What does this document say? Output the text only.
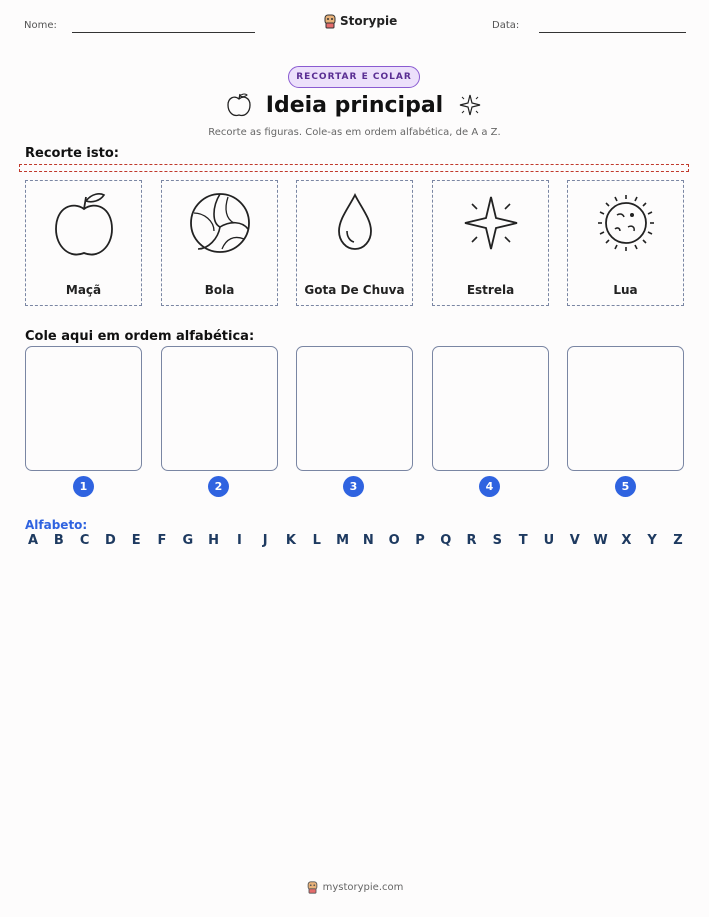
Nome:	Storypie	Data:
RECORTAR E COLAR
Ideia principal
Recorte as figuras. Cole-as em ordem alfabética, de A a Z.
Recorte isto:
Maçã	Bola	Gota De Chuva	Estrela	Lua
Cole aqui em ordem alfabética:
1	2	3	4	5
Alfabeto:
A B C D E F G H	I	J	K L M N O P Q R S T U V W X Y Z
mystorypie.com
